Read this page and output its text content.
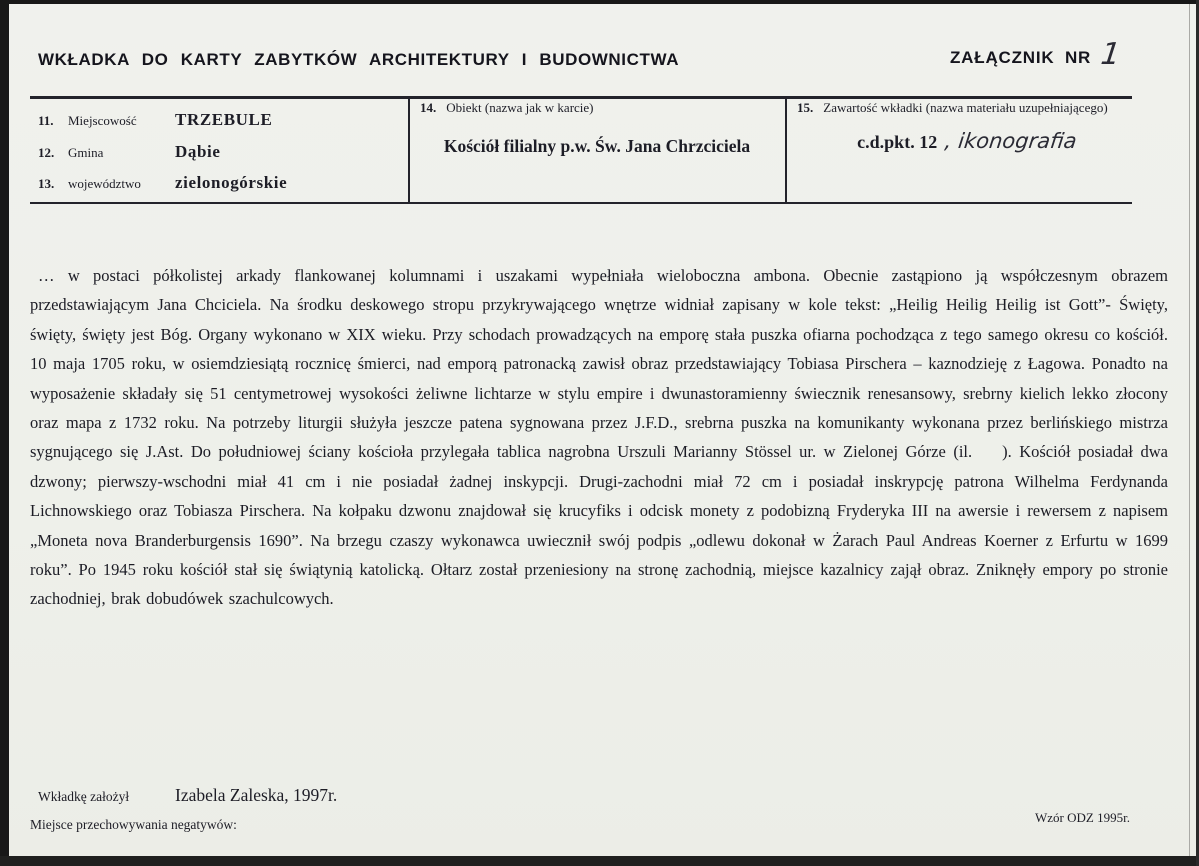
WKŁADKA DO KARTY ZABYTKÓW ARCHITEKTURY I BUDOWNICTWA	ZAŁĄCZNIK NR 1
11.	Miejscowość	TRZEBULE
12.	Gmina	Dąbie
13.	województwo	zielonogórskie
14. Obiekt (nazwa jak w karcie)
Kościół filialny p.w. Św. Jana Chrzciciela
15. Zawartość wkładki (nazwa materiału uzupełniającego)
c.d.pkt. 12 , ikonografia
… w postaci półkolistej arkady flankowanej kolumnami i uszakami wypełniała wieloboczna ambona. Obecnie zastąpiono ją współczesnym obrazem przedstawiającym Jana Chciciela. Na środku deskowego stropu przykrywającego wnętrze widniał zapisany w kole tekst: „Heilig Heilig Heilig ist Gott”- Święty, święty, święty jest Bóg. Organy wykonano w XIX wieku. Przy schodach prowadzących na emporę stała puszka ofiarna pochodząca z tego samego okresu co kościół. 10 maja 1705 roku, w osiemdziesiątą rocznicę śmierci, nad emporą patronacką zawisł obraz przedstawiający Tobiasa Pirschera – kaznodzieję z Łagowa. Ponadto na wyposażenie składały się 51 centymetrowej wysokości żeliwne lichtarze w stylu empire i dwunastoramienny świecznik renesansowy, srebrny kielich lekko złocony oraz mapa z 1732 roku. Na potrzeby liturgii służyła jeszcze patena sygnowana przez J.F.D., srebrna puszka na komunikanty wykonana przez berlińskiego mistrza sygnującego się J.Ast. Do południowej ściany kościoła przylegała tablica nagrobna Urszuli Marianny Stössel ur. w Zielonej Górze (il.    ). Kościół posiadał dwa dzwony; pierwszy-wschodni miał 41 cm i nie posiadał żadnej inskypcji. Drugi-zachodni miał 72 cm i posiadał inskrypcję patrona Wilhelma Ferdynanda Lichnowskiego oraz Tobiasza Pirschera. Na kołpaku dzwonu znajdował się krucyfiks i odcisk monety z podobizną Fryderyka III na awersie i rewersem z napisem „Moneta nova Branderburgensis 1690”. Na brzegu czaszy wykonawca uwiecznił swój podpis „odlewu dokonał w Żarach Paul Andreas Koerner z Erfurtu w 1699 roku”. Po 1945 roku kościół stał się świątynią katolicką. Ołtarz został przeniesiony na stronę zachodnią, miejsce kazalnicy zajął obraz. Zniknęły empory po stronie zachodniej, brak dobudówek szachulcowych.
Wkładkę założył	Izabela Zaleska, 1997r.
Miejsce przechowywania negatywów:	Wzór ODZ 1995r.
